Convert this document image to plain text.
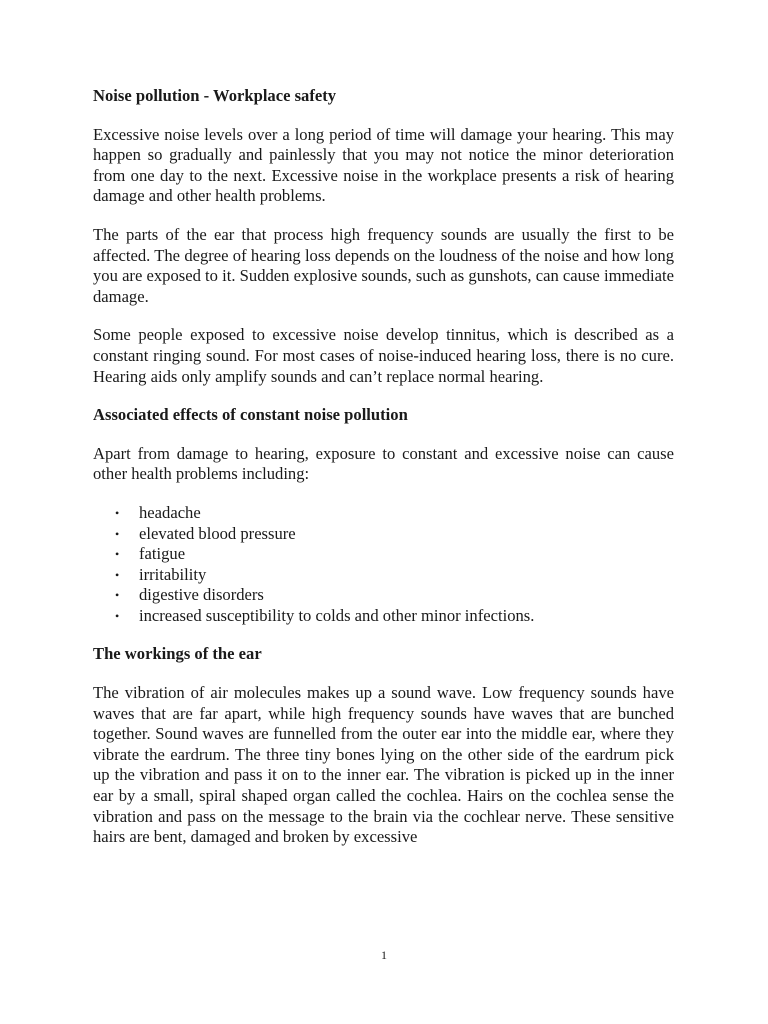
Noise pollution - Workplace safety

Excessive noise levels over a long period of time will damage your hearing. This may happen so gradually and painlessly that you may not notice the minor deterioration from one day to the next. Excessive noise in the workplace presents a risk of hearing damage and other health problems.

The parts of the ear that process high frequency sounds are usually the first to be affected. The degree of hearing loss depends on the loudness of the noise and how long you are exposed to it. Sudden explosive sounds, such as gunshots, can cause immediate damage.

Some people exposed to excessive noise develop tinnitus, which is described as a constant ringing sound. For most cases of noise-induced hearing loss, there is no cure. Hearing aids only amplify sounds and can’t replace normal hearing.

Associated effects of constant noise pollution

Apart from damage to hearing, exposure to constant and excessive noise can cause other health problems including:

• headache
• elevated blood pressure
• fatigue
• irritability
• digestive disorders
• increased susceptibility to colds and other minor infections.
The workings of the ear

The vibration of air molecules makes up a sound wave. Low frequency sounds have waves that are far apart, while high frequency sounds have waves that are bunched together. Sound waves are funnelled from the outer ear into the middle ear, where they vibrate the eardrum. The three tiny bones lying on the other side of the eardrum pick up the vibration and pass it on to the inner ear. The vibration is picked up in the inner ear by a small, spiral shaped organ called the cochlea. Hairs on the cochlea sense the vibration and pass on the message to the brain via the cochlear nerve. These sensitive hairs are bent, damaged and broken by excessive

1
